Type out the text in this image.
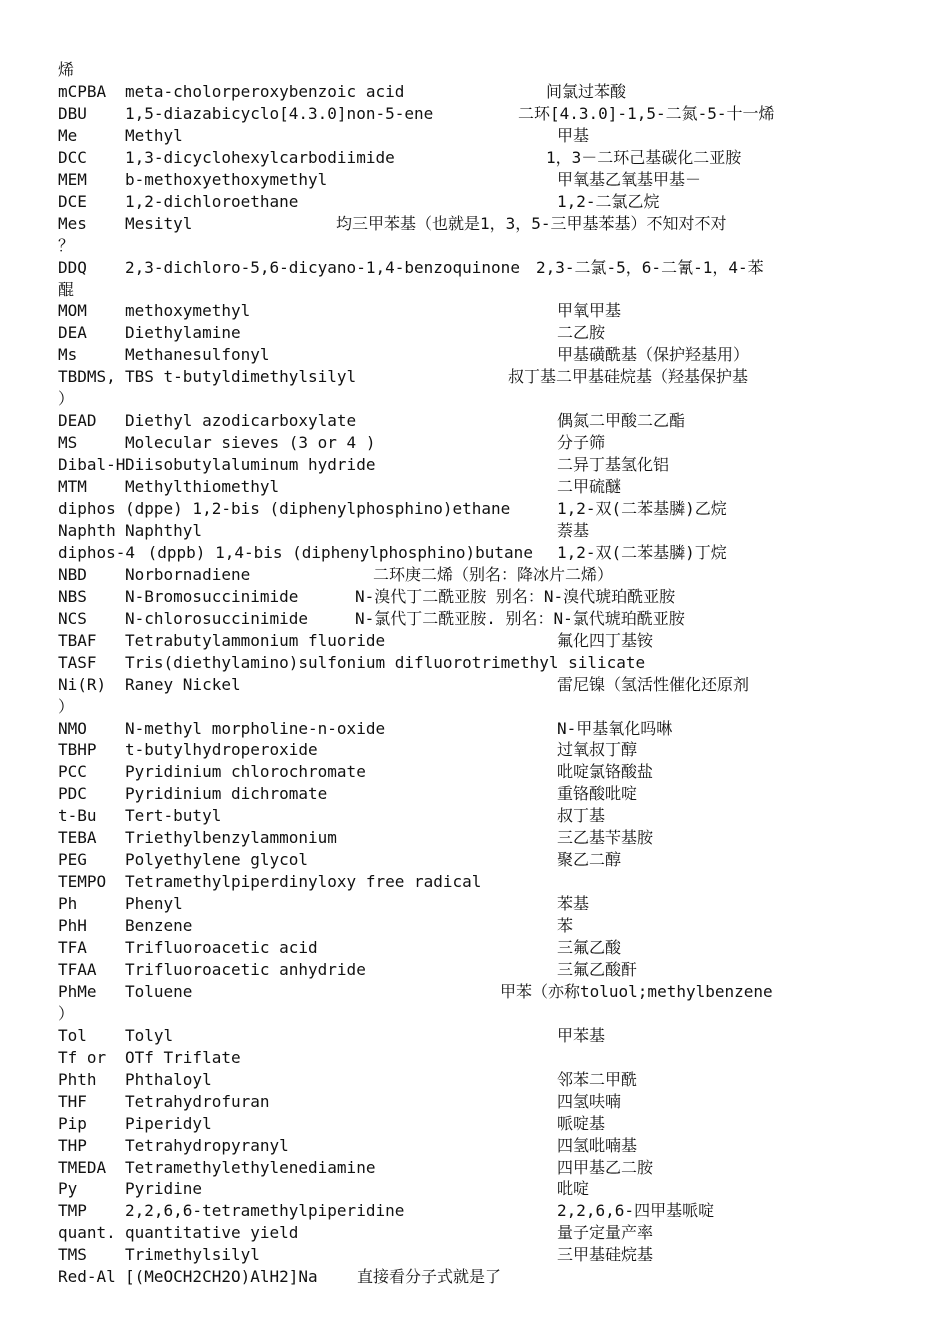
烯
mCPBA meta-cholorperoxybenzoic acid	间氯过苯酸
DBU 1,5-diazabicyclo[4.3.0]non-5-ene	二环[4.3.0]-1,5-二氮-5-十一烯
Me	Methyl	甲基
DCC 1,3-dicyclohexylcarbodiimide	1，3－二环己基碳化二亚胺
MEM b-methoxyethoxymethyl	甲氧基乙氧基甲基－
DCE 1,2-dichloroethane	1,2-二氯乙烷
Mes Mesityl	均三甲苯基（也就是1，3，5-三甲基苯基）不知对不对
？
DDQ 2,3-dichloro-5,6-dicyano-1,4-benzoquinone 2,3-二氯-5，6-二氰-1，4-苯
醌
MOM methoxymethyl	甲氧甲基
DEA Diethylamine	二乙胺
Ms	Methanesulfonyl	甲基磺酰基（保护羟基用）
TBDMS, TBS t-butyldimethylsilyl	叔丁基二甲基硅烷基（羟基保护基
）
DEAD Diethyl azodicarboxylate	偶氮二甲酸二乙酯
MS	Molecular sieves (3 or 4 )	分子筛
Dibal-H Diisobutylaluminum hydride	二异丁基氢化铝
MTM Methylthiomethyl	二甲硫醚
diphos (dppe) 1,2-bis (diphenylphosphino)ethane	1,2-双(二苯基膦)乙烷
Naphth Naphthyl	萘基
diphos-4 (dppb) 1,4-bis (diphenylphosphino)butane 1,2-双(二苯基膦)丁烷
NBD Norbornadiene	二环庚二烯（别名：降冰片二烯）
NBS N-Bromosuccinimide	N-溴代丁二酰亚胺 别名：N-溴代琥珀酰亚胺
NCS N-chlorosuccinimide	N-氯代丁二酰亚胺. 别名：N-氯代琥珀酰亚胺
TBAF Tetrabutylammonium fluoride	氟化四丁基铵
TASF Tris(diethylamino)sulfonium difluorotrimethyl silicate
Ni(R) Raney Nickel	雷尼镍（氢活性催化还原剂
）
NMO N-methyl morpholine-n-oxide	N-甲基氧化吗啉
TBHP t-butylhydroperoxide	过氧叔丁醇
PCC Pyridinium chlorochromate	吡啶氯铬酸盐
PDC Pyridinium dichromate	重铬酸吡啶
t-Bu Tert-butyl	叔丁基
TEBA Triethylbenzylammonium	三乙基苄基胺
PEG Polyethylene glycol	聚乙二醇
TEMPO Tetramethylpiperdinyloxy free radical
Ph	Phenyl	苯基
PhH Benzene	苯
TFA Trifluoroacetic acid	三氟乙酸
TFAA Trifluoroacetic anhydride	三氟乙酸酐
PhMe Toluene	甲苯（亦称toluol;methylbenzene
）
Tol Tolyl	甲苯基
Tf or OTf Triflate
Phth Phthaloyl	邻苯二甲酰
THF Tetrahydrofuran	四氢呋喃
Pip Piperidyl	哌啶基
THP Tetrahydropyranyl	四氢吡喃基
TMEDA Tetramethylethylenediamine	四甲基乙二胺
Py	Pyridine	吡啶
TMP 2,2,6,6-tetramethylpiperidine	2,2,6,6-四甲基哌啶
quant. quantitative yield	量子定量产率
TMS Trimethylsilyl	三甲基硅烷基
Red-Al [(MeOCH2CH2O)AlH2]Na 直接看分子式就是了
